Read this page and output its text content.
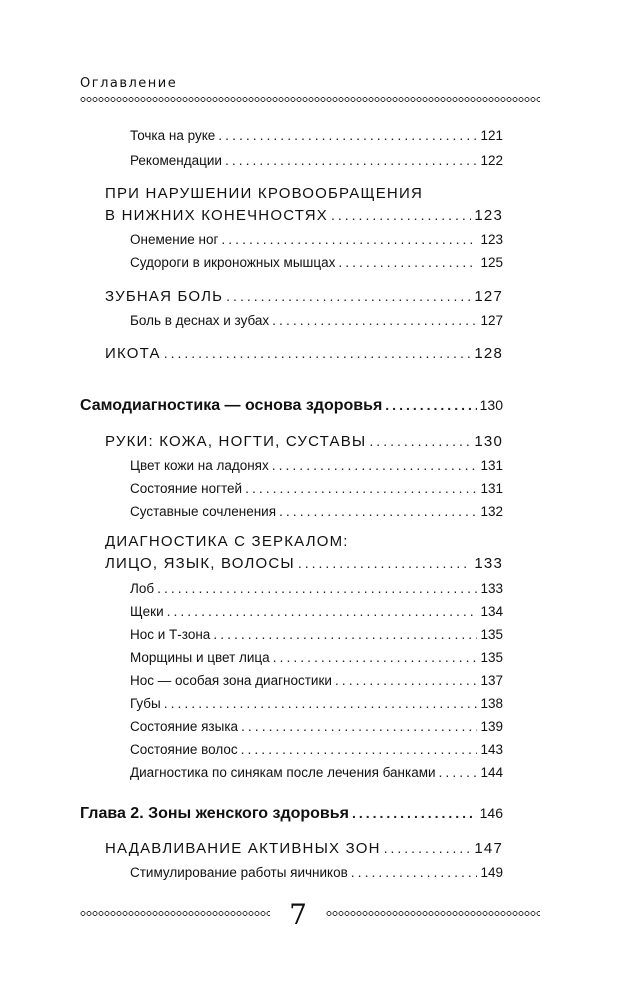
Оглавление
Точка на руке .....	121
Рекомендации .....	122
ПРИ НАРУШЕНИИ КРОВООБРАЩЕНИЯ
В НИЖНИХ КОНЕЧНОСТЯХ .....	123
Онемение ног .....	123
Судороги в икроножных мышцах .....	125
ЗУБНАЯ БОЛЬ .....	127
Боль в деснах и зубах .....	127
ИКОТА .....	128
Самодиагностика — основа здоровья .....	130
РУКИ: КОЖА, НОГТИ, СУСТАВЫ .....	130
Цвет кожи на ладонях .....	131
Состояние ногтей .....	131
Суставные сочленения .....	132
ДИАГНОСТИКА С ЗЕРКАЛОМ:
ЛИЦО, ЯЗЫК, ВОЛОСЫ .....	133
Лоб .....	133
Щеки .....	134
Нос и Т-зона .....	135
Морщины и цвет лица .....	135
Нос — особая зона диагностики .....	137
Губы .....	138
Состояние языка .....	139
Состояние волос .....	143
Диагностика по синякам после лечения банками .....	144
Глава 2. Зоны женского здоровья .....	146
НАДАВЛИВАНИЕ АКТИВНЫХ ЗОН .....	147
Стимулирование работы яичников .....	149
7
